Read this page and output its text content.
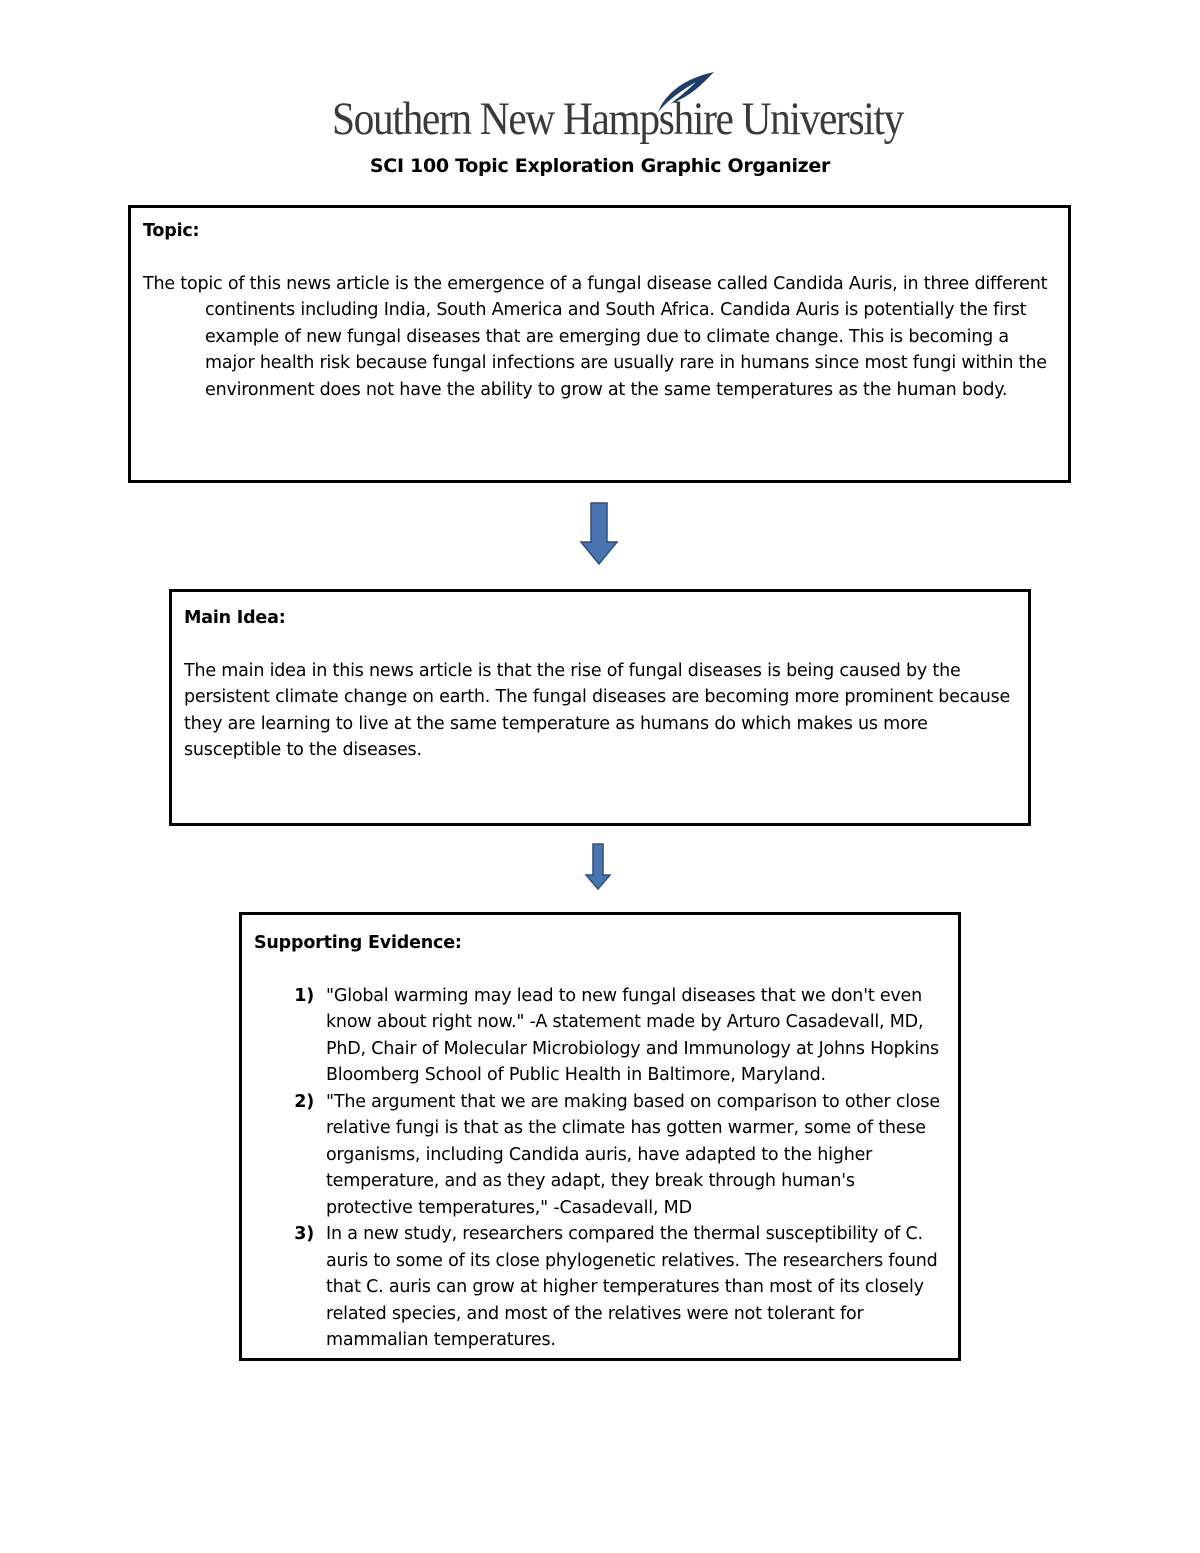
Southern New Hampshire University
SCI 100 Topic Exploration Graphic Organizer
Topic:
The topic of this news article is the emergence of a fungal disease called Candida Auris, in three different continents including India, South America and South Africa. Candida Auris is potentially the first example of new fungal diseases that are emerging due to climate change. This is becoming a major health risk because fungal infections are usually rare in humans since most fungi within the environment does not have the ability to grow at the same temperatures as the human body.
Main Idea:
The main idea in this news article is that the rise of fungal diseases is being caused by the persistent climate change on earth. The fungal diseases are becoming more prominent because they are learning to live at the same temperature as humans do which makes us more susceptible to the diseases.
Supporting Evidence:
1) "Global warming may lead to new fungal diseases that we don't even know about right now." -A statement made by Arturo Casadevall, MD, PhD, Chair of Molecular Microbiology and Immunology at Johns Hopkins Bloomberg School of Public Health in Baltimore, Maryland.
2) "The argument that we are making based on comparison to other close relative fungi is that as the climate has gotten warmer, some of these organisms, including Candida auris, have adapted to the higher temperature, and as they adapt, they break through human's protective temperatures," -Casadevall, MD
3) In a new study, researchers compared the thermal susceptibility of C. auris to some of its close phylogenetic relatives. The researchers found that C. auris can grow at higher temperatures than most of its closely related species, and most of the relatives were not tolerant for mammalian temperatures.
